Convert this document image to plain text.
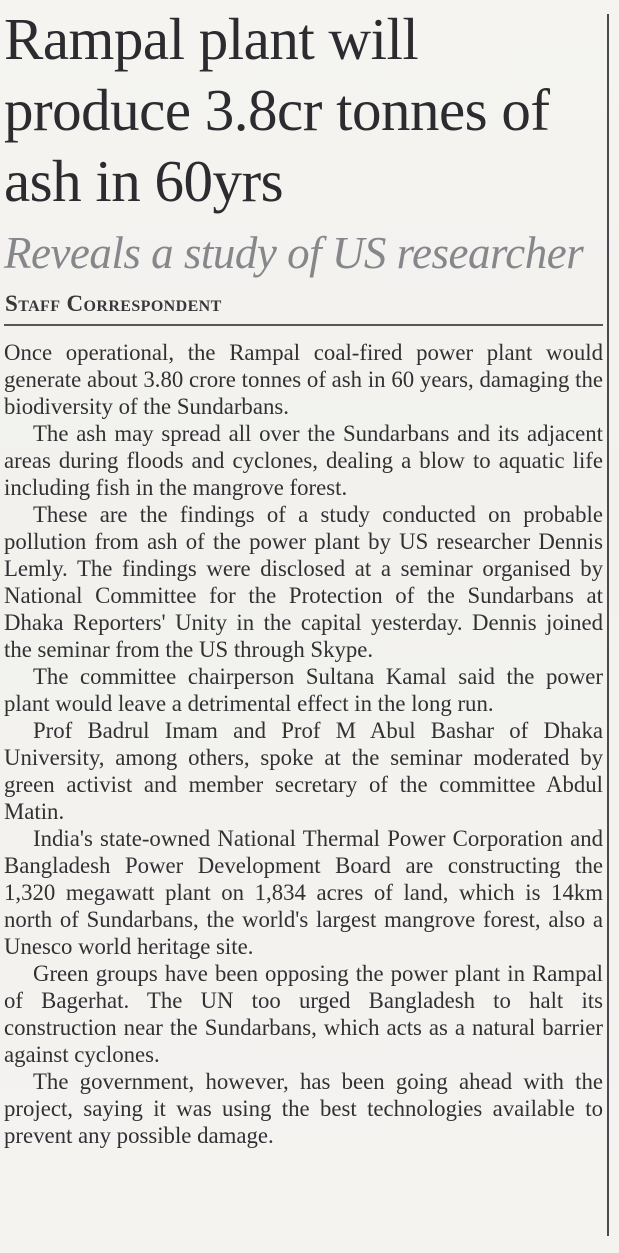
Rampal plant will produce 3.8cr tonnes of ash in 60yrs
Reveals a study of US researcher
Staff Correspondent

Once operational, the Rampal coal-fired power plant would generate about 3.80 crore tonnes of ash in 60 years, damaging the biodiversity of the Sundarbans.

The ash may spread all over the Sundarbans and its adjacent areas during floods and cyclones, dealing a blow to aquatic life including fish in the mangrove forest.

These are the findings of a study conducted on probable pollution from ash of the power plant by US researcher Dennis Lemly. The findings were disclosed at a seminar organised by National Committee for the Protection of the Sundarbans at Dhaka Reporters' Unity in the capital yesterday. Dennis joined the seminar from the US through Skype.

The committee chairperson Sultana Kamal said the power plant would leave a detrimental effect in the long run.

Prof Badrul Imam and Prof M Abul Bashar of Dhaka University, among others, spoke at the seminar moderated by green activist and member secretary of the committee Abdul Matin.

India's state-owned National Thermal Power Corporation and Bangladesh Power Development Board are constructing the 1,320 megawatt plant on 1,834 acres of land, which is 14km north of Sundarbans, the world's largest mangrove forest, also a Unesco world heritage site.

Green groups have been opposing the power plant in Rampal of Bagerhat. The UN too urged Bangladesh to halt its construction near the Sundarbans, which acts as a natural barrier against cyclones.

The government, however, has been going ahead with the project, saying it was using the best technologies available to prevent any possible damage.
